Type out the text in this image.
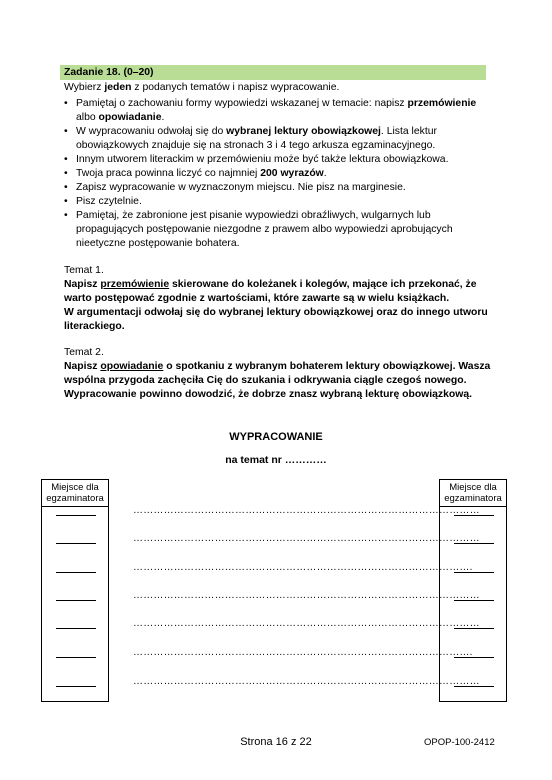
Zadanie 18. (0–20)
Wybierz jeden z podanych tematów i napisz wypracowanie.
• Pamiętaj o zachowaniu formy wypowiedzi wskazanej w temacie: napisz przemówienie albo opowiadanie.
• W wypracowaniu odwołaj się do wybranej lektury obowiązkowej. Lista lektur obowiązkowych znajduje się na stronach 3 i 4 tego arkusza egzaminacyjnego.
• Innym utworem literackim w przemówieniu może być także lektura obowiązkowa.
• Twoja praca powinna liczyć co najmniej 200 wyrazów.
• Zapisz wypracowanie w wyznaczonym miejscu. Nie pisz na marginesie.
• Pisz czytelnie.
• Pamiętaj, że zabronione jest pisanie wypowiedzi obraźliwych, wulgarnych lub propagujących postępowanie niezgodne z prawem albo wypowiedzi aprobujących nieetyczne postępowanie bohatera.
Temat 1.
Napisz przemówienie skierowane do koleżanek i kolegów, mające ich przekonać, że warto postępować zgodnie z wartościami, które zawarte są w wielu książkach.
W argumentacji odwołaj się do wybranej lektury obowiązkowej oraz do innego utworu literackiego.
Temat 2.
Napisz opowiadanie o spotkaniu z wybranym bohaterem lektury obowiązkowej. Wasza wspólna przygoda zachęciła Cię do szukania i odkrywania ciągle czegoś nowego. Wypracowanie powinno dowodzić, że dobrze znasz wybraną lekturę obowiązkową.
WYPRACOWANIE
na temat nr …………
Miejsce dla egzaminatora
Miejsce dla egzaminatora
…………………………………………………………………………………………
…………………………………………………………………………………………
……………………………………………………………………………………….
…………………………………………………………………………………………
…………………………………………………………………………………………
……………………………………………………………………………………….
…………………………………………………………………………………………
Strona 16 z 22	OPOP-100-2412
